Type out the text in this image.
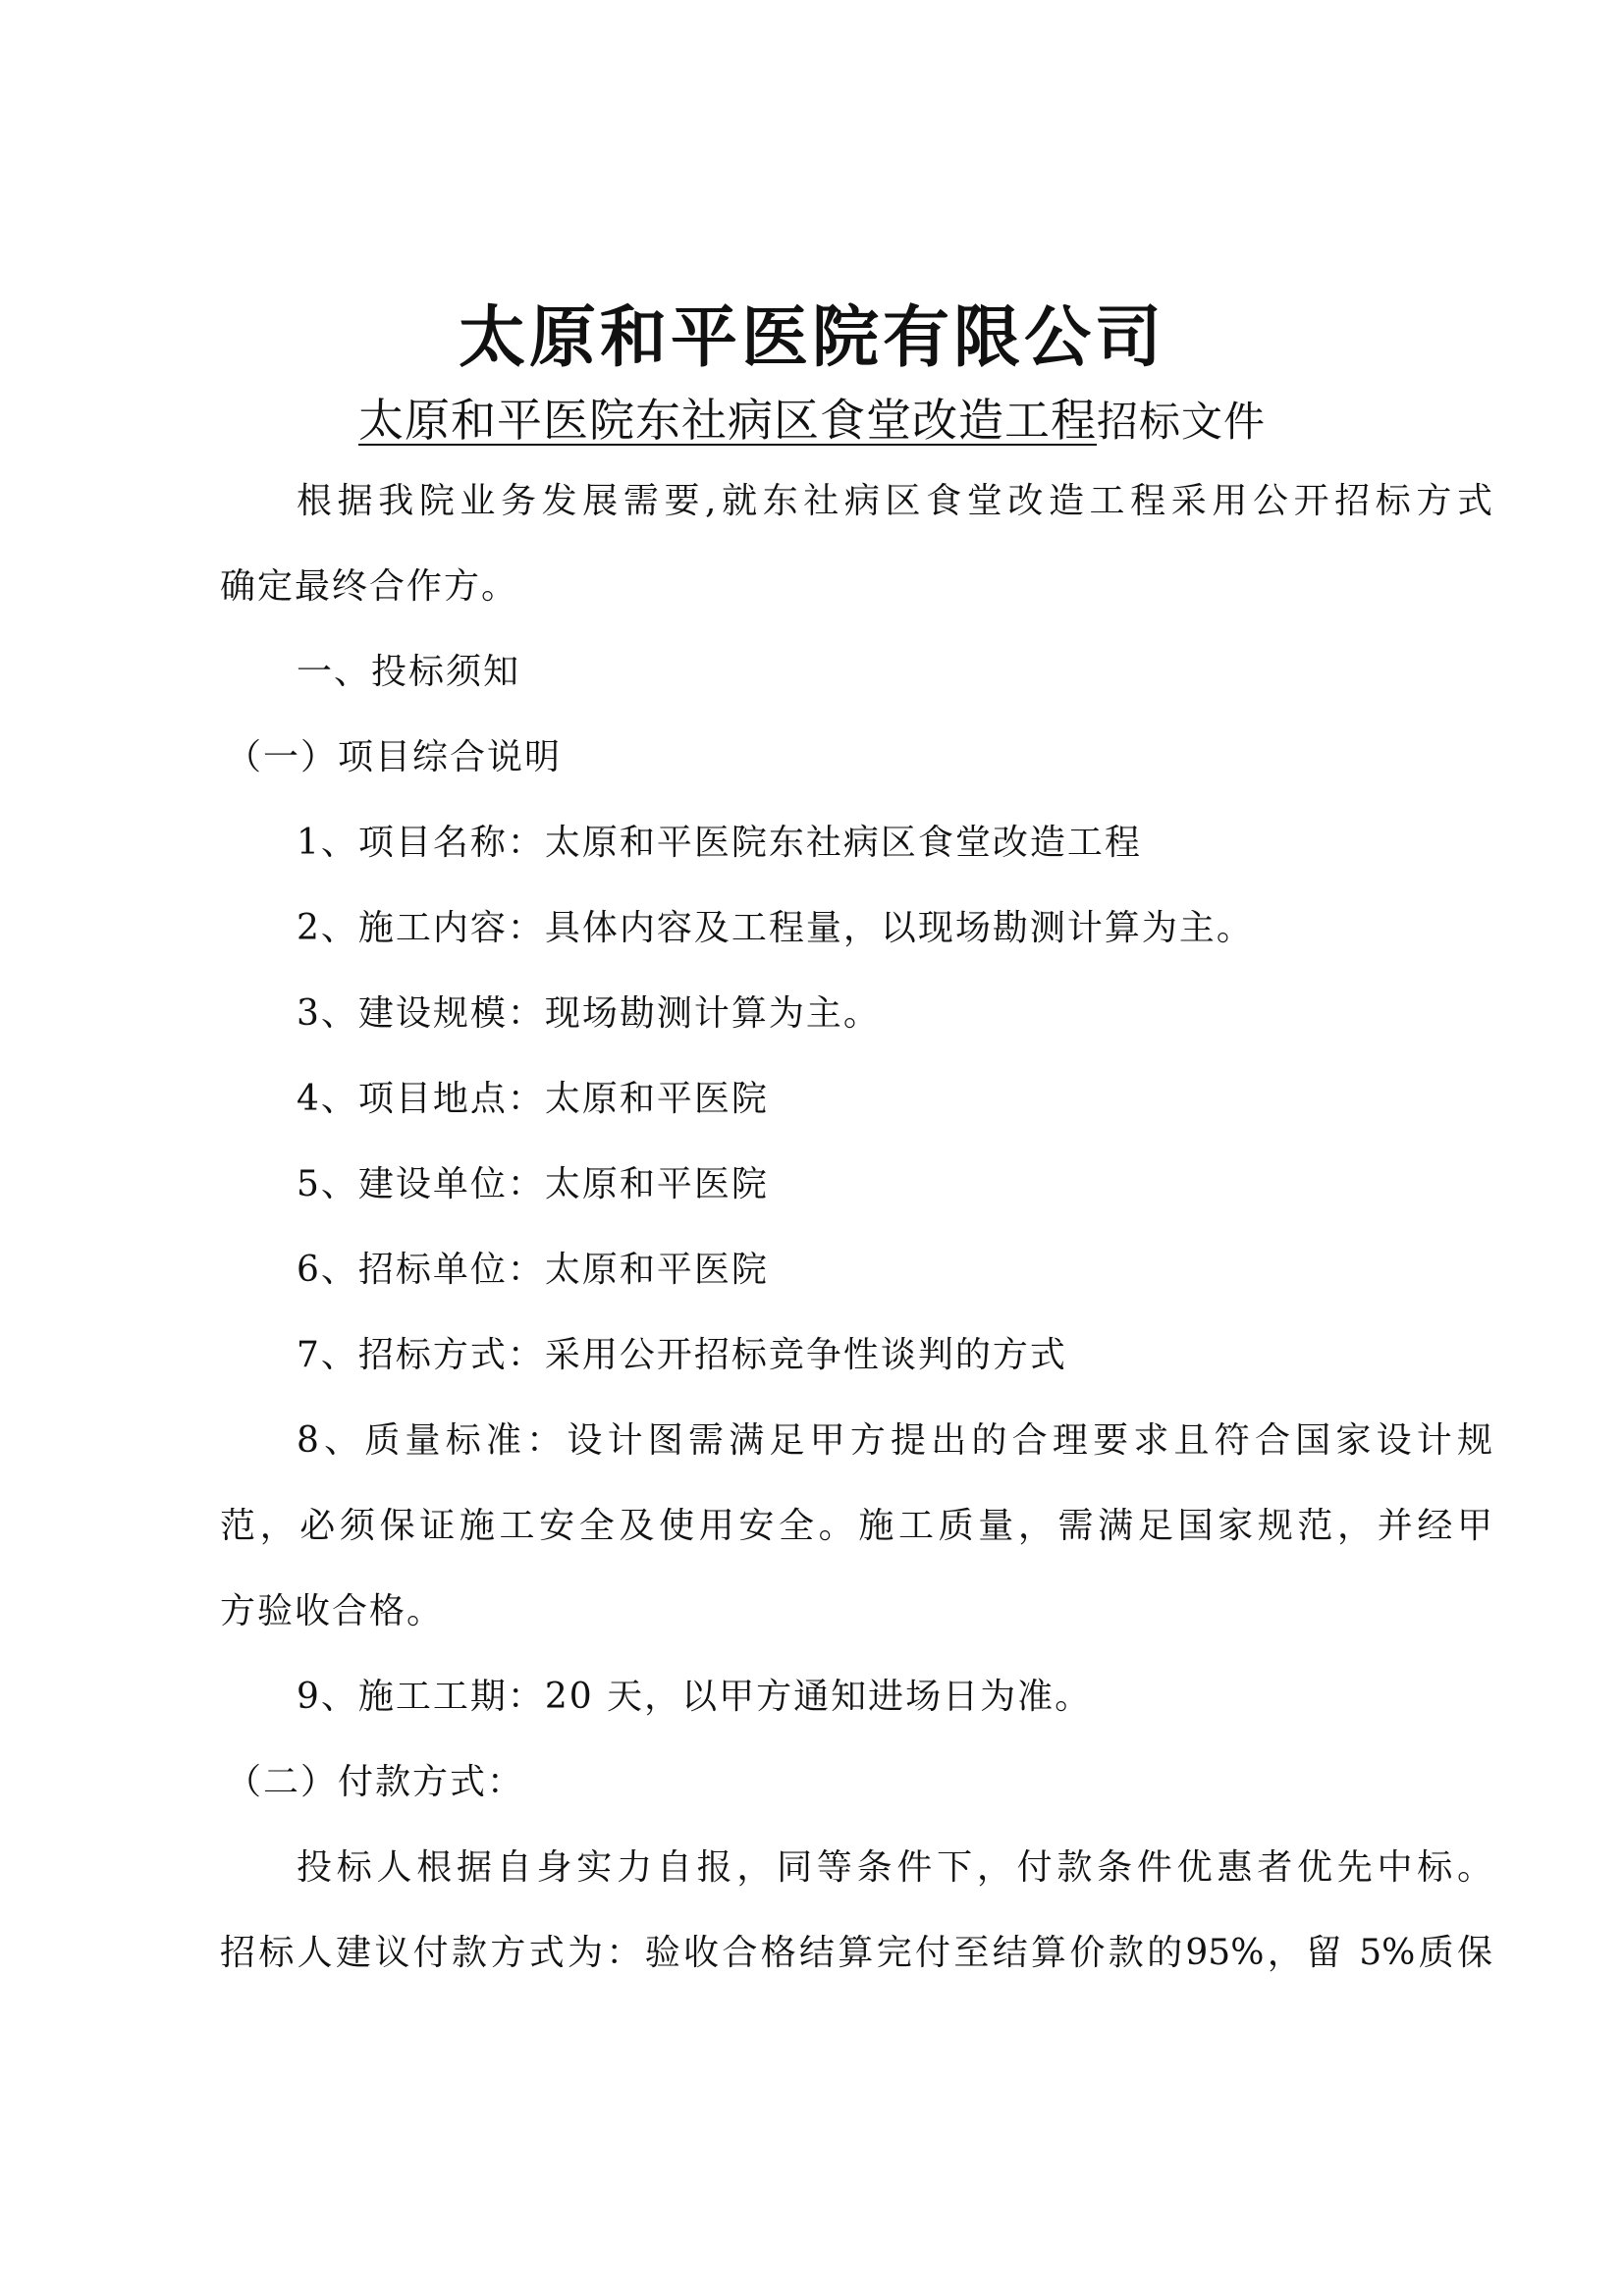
太原和平医院有限公司
太原和平医院东社病区食堂改造工程招标文件
根据我院业务发展需要,就东社病区食堂改造工程采用公开招标方式
确定最终合作方。
一、投标须知
（一）项目综合说明
1、项目名称：太原和平医院东社病区食堂改造工程
2、施工内容：具体内容及工程量，以现场勘测计算为主。
3、建设规模：现场勘测计算为主。
4、项目地点：太原和平医院
5、建设单位：太原和平医院
6、招标单位：太原和平医院
7、招标方式：采用公开招标竞争性谈判的方式
8、质量标准：设计图需满足甲方提出的合理要求且符合国家设计规
范，必须保证施工安全及使用安全。施工质量，需满足国家规范，并经甲
方验收合格。
9、施工工期：20 天，以甲方通知进场日为准。
（二）付款方式：
投标人根据自身实力自报，同等条件下，付款条件优惠者优先中标。
招标人建议付款方式为：验收合格结算完付至结算价款的95%，留 5%质保
